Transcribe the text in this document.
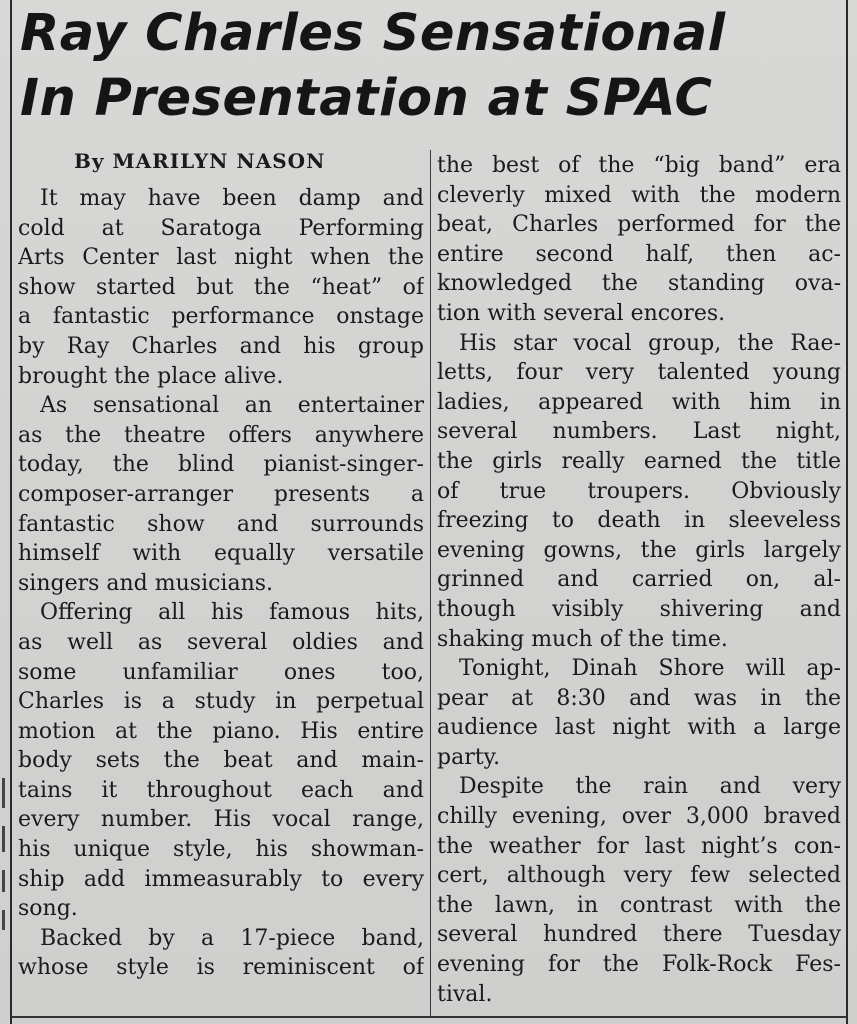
Ray Charles Sensational
In Presentation at SPAC

By MARILYN NASON

It may have been damp and
cold at Saratoga Performing
Arts Center last night when the
show started but the “heat” of
a fantastic performance onstage
by Ray Charles and his group
brought the place alive.
As sensational an entertainer
as the theatre offers anywhere
today, the blind pianist-singer-
composer-arranger presents a
fantastic show and surrounds
himself with equally versatile
singers and musicians.
Offering all his famous hits,
as well as several oldies and
some unfamiliar ones too,
Charles is a study in perpetual
motion at the piano. His entire
body sets the beat and main-
tains it throughout each and
every number. His vocal range,
his unique style, his showman-
ship add immeasurably to every
song.
Backed by a 17-piece band,
whose style is reminiscent of
the best of the “big band” era
cleverly mixed with the modern
beat, Charles performed for the
entire second half, then ac-
knowledged the standing ova-
tion with several encores.
His star vocal group, the Rae-
letts, four very talented young
ladies, appeared with him in
several numbers. Last night,
the girls really earned the title
of true troupers. Obviously
freezing to death in sleeveless
evening gowns, the girls largely
grinned and carried on, al-
though visibly shivering and
shaking much of the time.
Tonight, Dinah Shore will ap-
pear at 8:30 and was in the
audience last night with a large
party.
Despite the rain and very
chilly evening, over 3,000 braved
the weather for last night’s con-
cert, although very few selected
the lawn, in contrast with the
several hundred there Tuesday
evening for the Folk-Rock Fes-
tival.
